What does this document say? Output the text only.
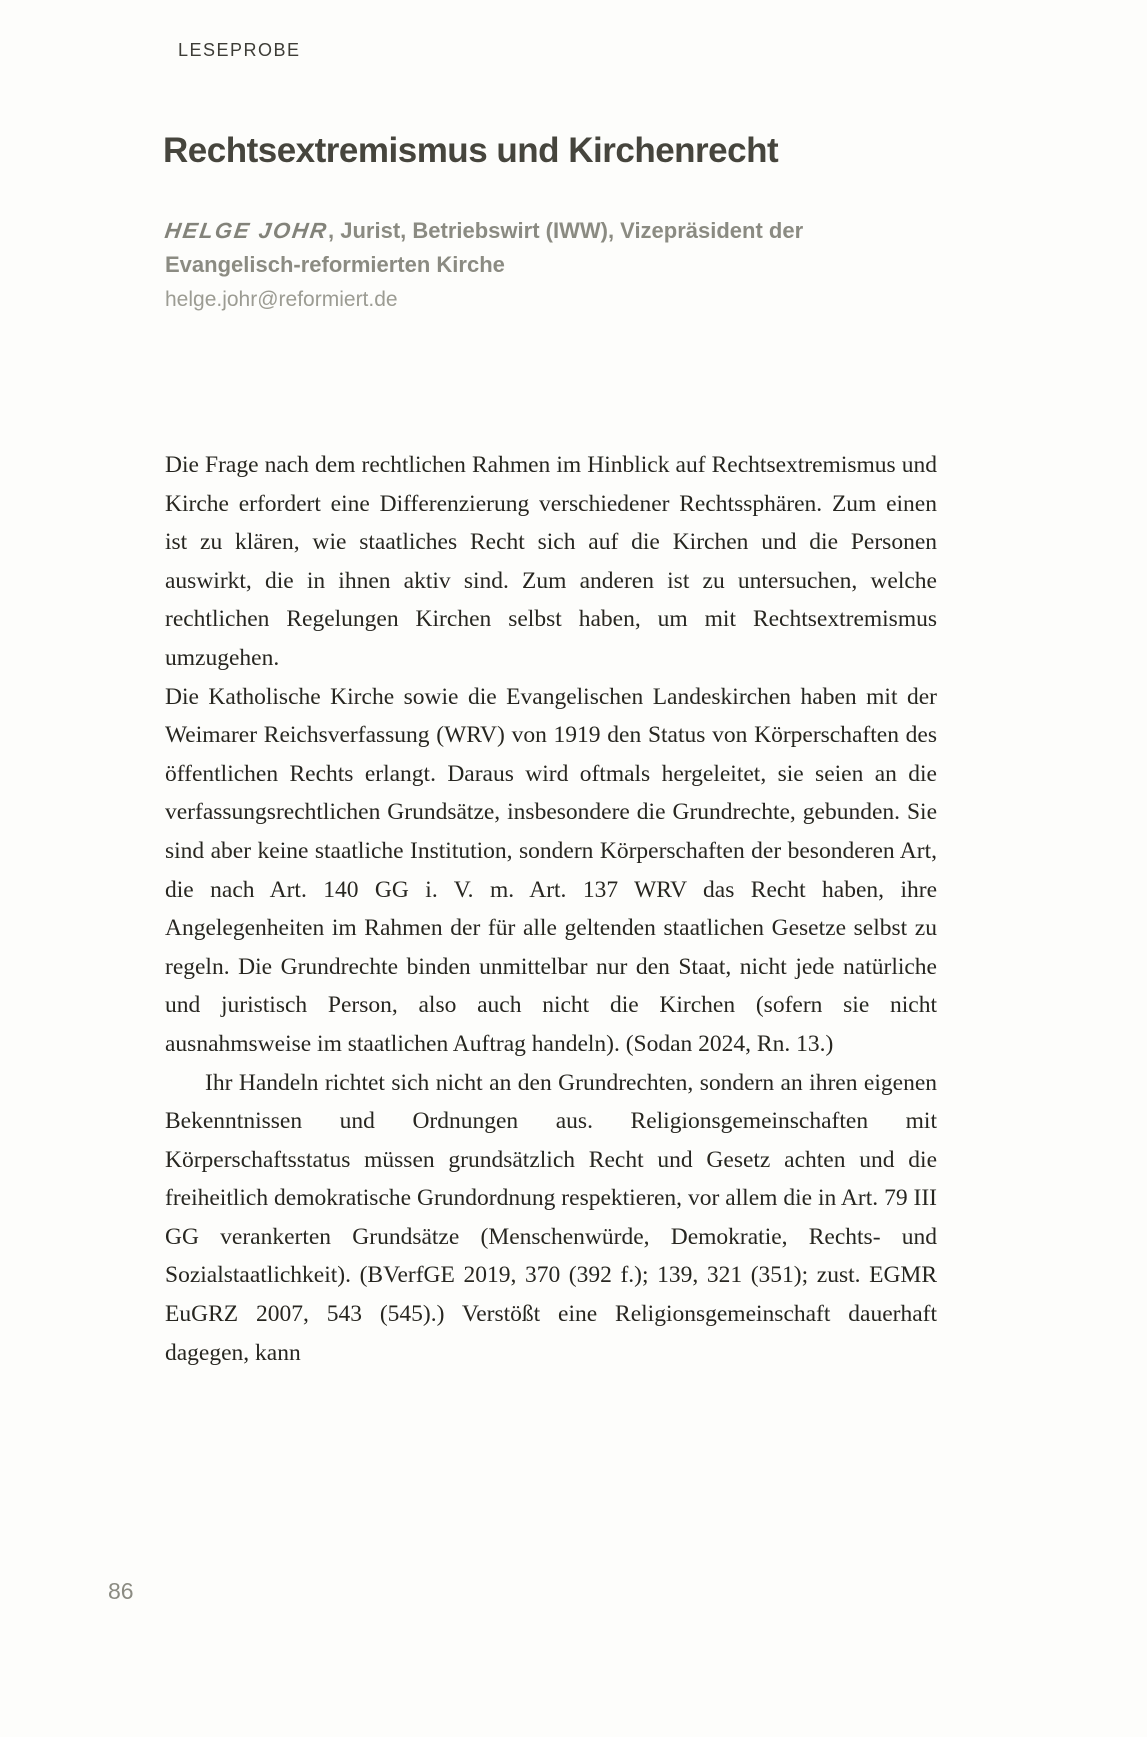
LESEPROBE
Rechtsextremismus und Kirchenrecht
HELGE JOHR, Jurist, Betriebswirt (IWW), Vizepräsident der Evangelisch-reformierten Kirche
helge.johr@reformiert.de

Die Frage nach dem rechtlichen Rahmen im Hinblick auf Rechtsextremismus und Kirche erfordert eine Differenzierung verschiedener Rechtssphären. Zum einen ist zu klären, wie staatliches Recht sich auf die Kirchen und die Personen auswirkt, die in ihnen aktiv sind. Zum anderen ist zu untersuchen, welche rechtlichen Regelungen Kirchen selbst haben, um mit Rechtsextremismus umzugehen.

Die Katholische Kirche sowie die Evangelischen Landeskirchen haben mit der Weimarer Reichsverfassung (WRV) von 1919 den Status von Körperschaften des öffentlichen Rechts erlangt. Daraus wird oftmals hergeleitet, sie seien an die verfassungsrechtlichen Grundsätze, insbesondere die Grundrechte, gebunden. Sie sind aber keine staatliche Institution, sondern Körperschaften der besonderen Art, die nach Art. 140 GG i. V. m. Art. 137 WRV das Recht haben, ihre Angelegenheiten im Rahmen der für alle geltenden staatlichen Gesetze selbst zu regeln. Die Grundrechte binden unmittelbar nur den Staat, nicht jede natürliche und juristisch Person, also auch nicht die Kirchen (sofern sie nicht ausnahmsweise im staatlichen Auftrag handeln). (Sodan 2024, Rn. 13.)

Ihr Handeln richtet sich nicht an den Grundrechten, sondern an ihren eigenen Bekenntnissen und Ordnungen aus. Religionsgemeinschaften mit Körperschaftsstatus müssen grundsätzlich Recht und Gesetz achten und die freiheitlich demokratische Grundordnung respektieren, vor allem die in Art. 79 III GG verankerten Grundsätze (Menschenwürde, Demokratie, Rechts- und Sozialstaatlichkeit). (BVerfGE 2019, 370 (392 f.); 139, 321 (351); zust. EGMR EuGRZ 2007, 543 (545).) Verstößt eine Religionsgemeinschaft dauerhaft dagegen, kann

86
